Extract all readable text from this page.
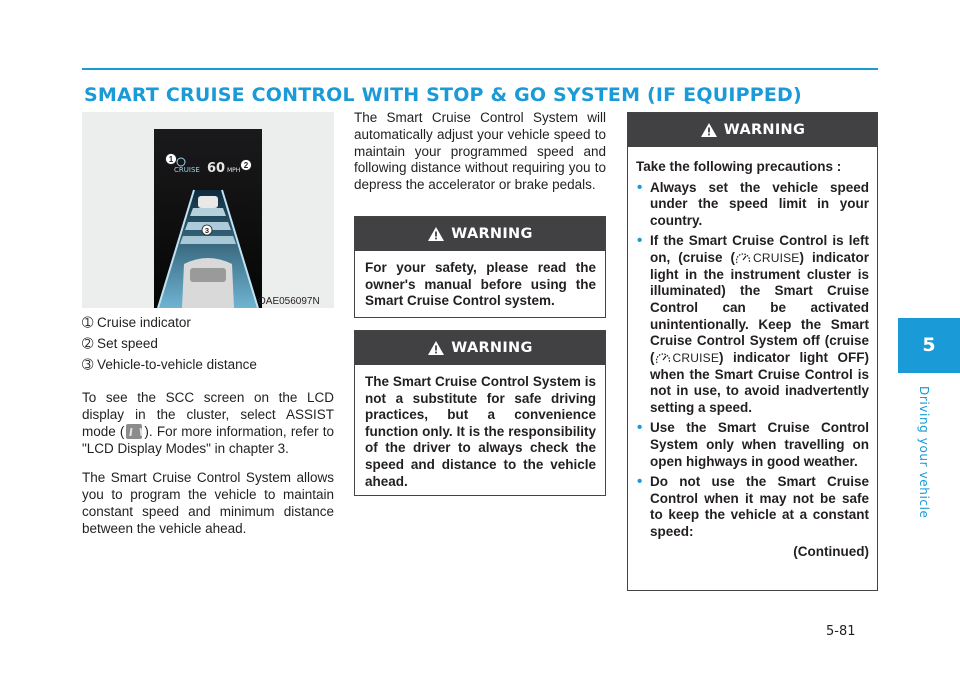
SMART CRUISE CONTROL WITH STOP & GO SYSTEM (IF EQUIPPED)
5
Driving your vehicle
5-81
CRUISE 60 MPH
1
2
3
OAE056097N
➀ Cruise indicator
➁ Set speed
➂ Vehicle-to-vehicle distance

To see the SCC screen on the LCD display in the cluster, select ASSIST mode ( ). For more information, refer to "LCD Display Modes" in chapter 3.

The Smart Cruise Control System allows you to program the vehicle to maintain constant speed and minimum distance between the vehicle ahead.

The Smart Cruise Control System will automatically adjust your vehicle speed to maintain your programmed speed and following distance without requiring you to depress the accelerator or brake pedals.
WARNING
For your safety, please read the owner's manual before using the Smart Cruise Control system.
WARNING
The Smart Cruise Control System is not a substitute for safe driving practices, but a convenience function only. It is the responsibility of the driver to always check the speed and distance to the vehicle ahead.
WARNING
Take the following precautions :
• Always set the vehicle speed under the speed limit in your country.
• If the Smart Cruise Control is left on, (cruise ( CRUISE ) indicator light in the instrument cluster is illuminated) the Smart Cruise Control can be activated unintentionally. Keep the Smart Cruise Control System off (cruise ( CRUISE ) indicator light OFF) when the Smart Cruise Control is not in use, to avoid inadvertently setting a speed.
• Use the Smart Cruise Control System only when travelling on open highways in good weather.
• Do not use the Smart Cruise Control when it may not be safe to keep the vehicle at a constant speed:
(Continued)
